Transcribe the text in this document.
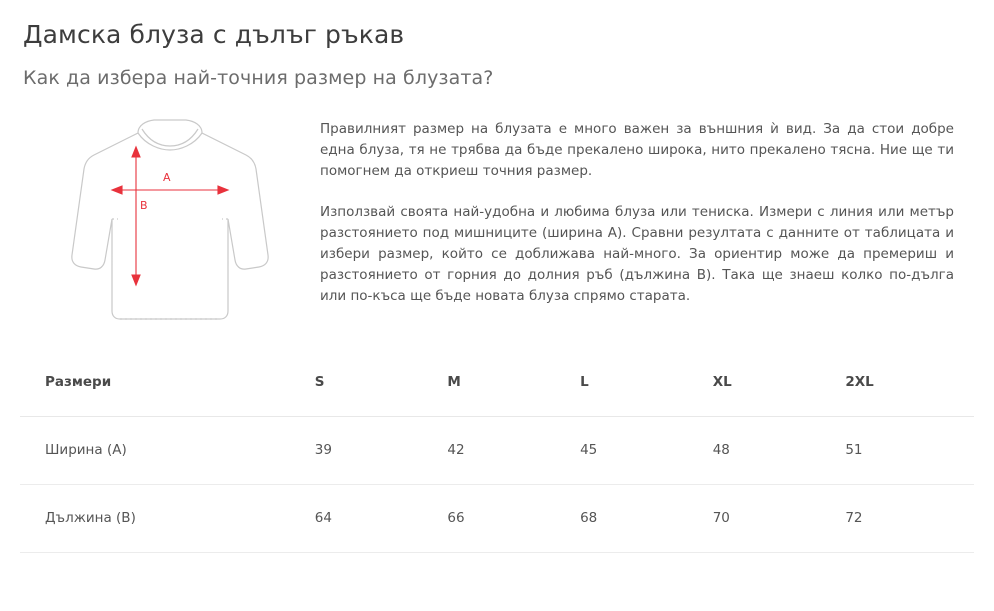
Дамска блуза с дълъг ръкав
Как да избера най-точния размер на блузата?
A
B

Правилният размер на блузата е много важен за външния ѝ вид. За да стои добре една блуза, тя не трябва да бъде прекалено широка, нито прекалено тясна. Ние ще ти помогнем да откриеш точния размер.

Използвай своята най-удобна и любима блуза или тениска. Измери с линия или метър разстоянието под мишниците (ширина A). Сравни резултата с данните от таблицата и избери размер, който се доближава най-много. За ориентир може да премериш и разстоянието от горния до долния ръб (дължина B). Така ще знаеш колко по-дълга или по-къса ще бъде новата блуза спрямо старата.

Размери	S	M	L	XL	2XL
Ширина (A)	39	42	45	48	51
Дължина (B)	64	66	68	70	72
